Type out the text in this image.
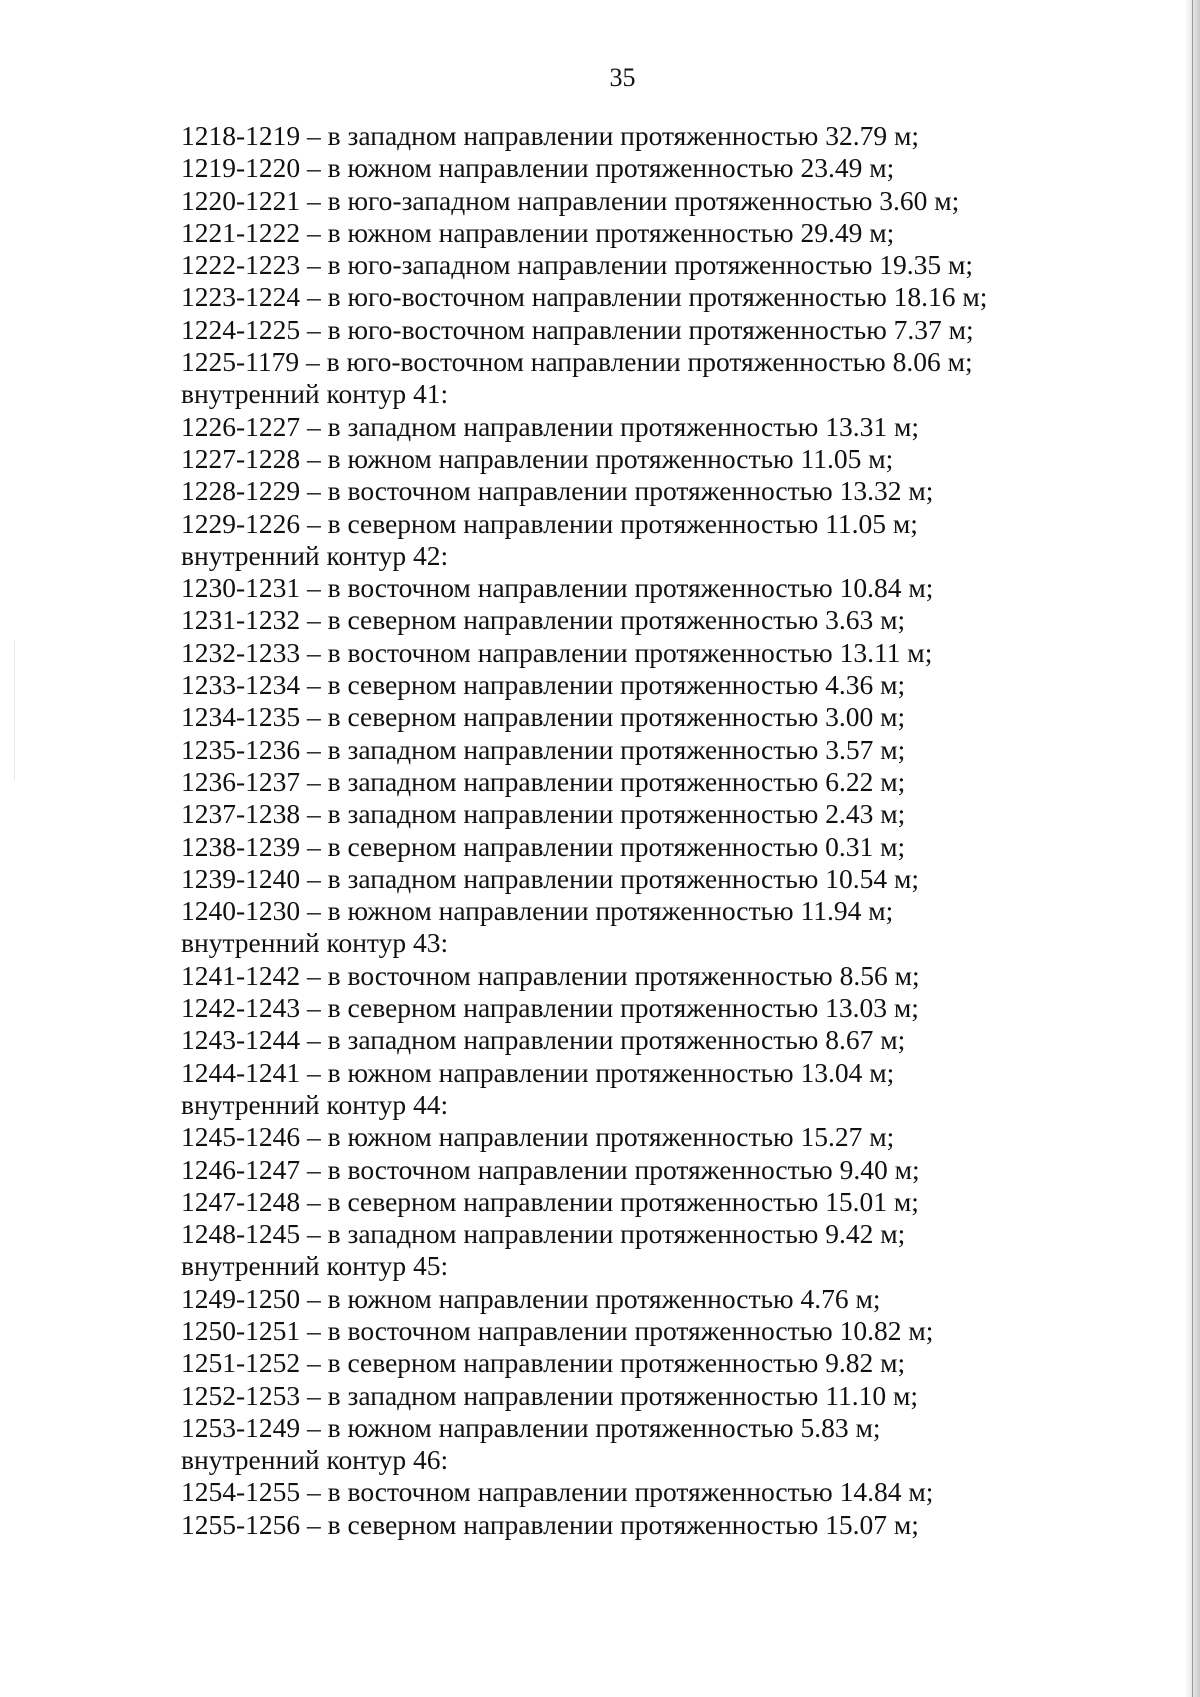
35
1218-1219 – в западном направлении протяженностью 32.79 м;
1219-1220 – в южном направлении протяженностью 23.49 м;
1220-1221 – в юго-западном направлении протяженностью 3.60 м;
1221-1222 – в южном направлении протяженностью 29.49 м;
1222-1223 – в юго-западном направлении протяженностью 19.35 м;
1223-1224 – в юго-восточном направлении протяженностью 18.16 м;
1224-1225 – в юго-восточном направлении протяженностью 7.37 м;
1225-1179 – в юго-восточном направлении протяженностью 8.06 м;
внутренний контур 41:
1226-1227 – в западном направлении протяженностью 13.31 м;
1227-1228 – в южном направлении протяженностью 11.05 м;
1228-1229 – в восточном направлении протяженностью 13.32 м;
1229-1226 – в северном направлении протяженностью 11.05 м;
внутренний контур 42:
1230-1231 – в восточном направлении протяженностью 10.84 м;
1231-1232 – в северном направлении протяженностью 3.63 м;
1232-1233 – в восточном направлении протяженностью 13.11 м;
1233-1234 – в северном направлении протяженностью 4.36 м;
1234-1235 – в северном направлении протяженностью 3.00 м;
1235-1236 – в западном направлении протяженностью 3.57 м;
1236-1237 – в западном направлении протяженностью 6.22 м;
1237-1238 – в западном направлении протяженностью 2.43 м;
1238-1239 – в северном направлении протяженностью 0.31 м;
1239-1240 – в западном направлении протяженностью 10.54 м;
1240-1230 – в южном направлении протяженностью 11.94 м;
внутренний контур 43:
1241-1242 – в восточном направлении протяженностью 8.56 м;
1242-1243 – в северном направлении протяженностью 13.03 м;
1243-1244 – в западном направлении протяженностью 8.67 м;
1244-1241 – в южном направлении протяженностью 13.04 м;
внутренний контур 44:
1245-1246 – в южном направлении протяженностью 15.27 м;
1246-1247 – в восточном направлении протяженностью 9.40 м;
1247-1248 – в северном направлении протяженностью 15.01 м;
1248-1245 – в западном направлении протяженностью 9.42 м;
внутренний контур 45:
1249-1250 – в южном направлении протяженностью 4.76 м;
1250-1251 – в восточном направлении протяженностью 10.82 м;
1251-1252 – в северном направлении протяженностью 9.82 м;
1252-1253 – в западном направлении протяженностью 11.10 м;
1253-1249 – в южном направлении протяженностью 5.83 м;
внутренний контур 46:
1254-1255 – в восточном направлении протяженностью 14.84 м;
1255-1256 – в северном направлении протяженностью 15.07 м;
